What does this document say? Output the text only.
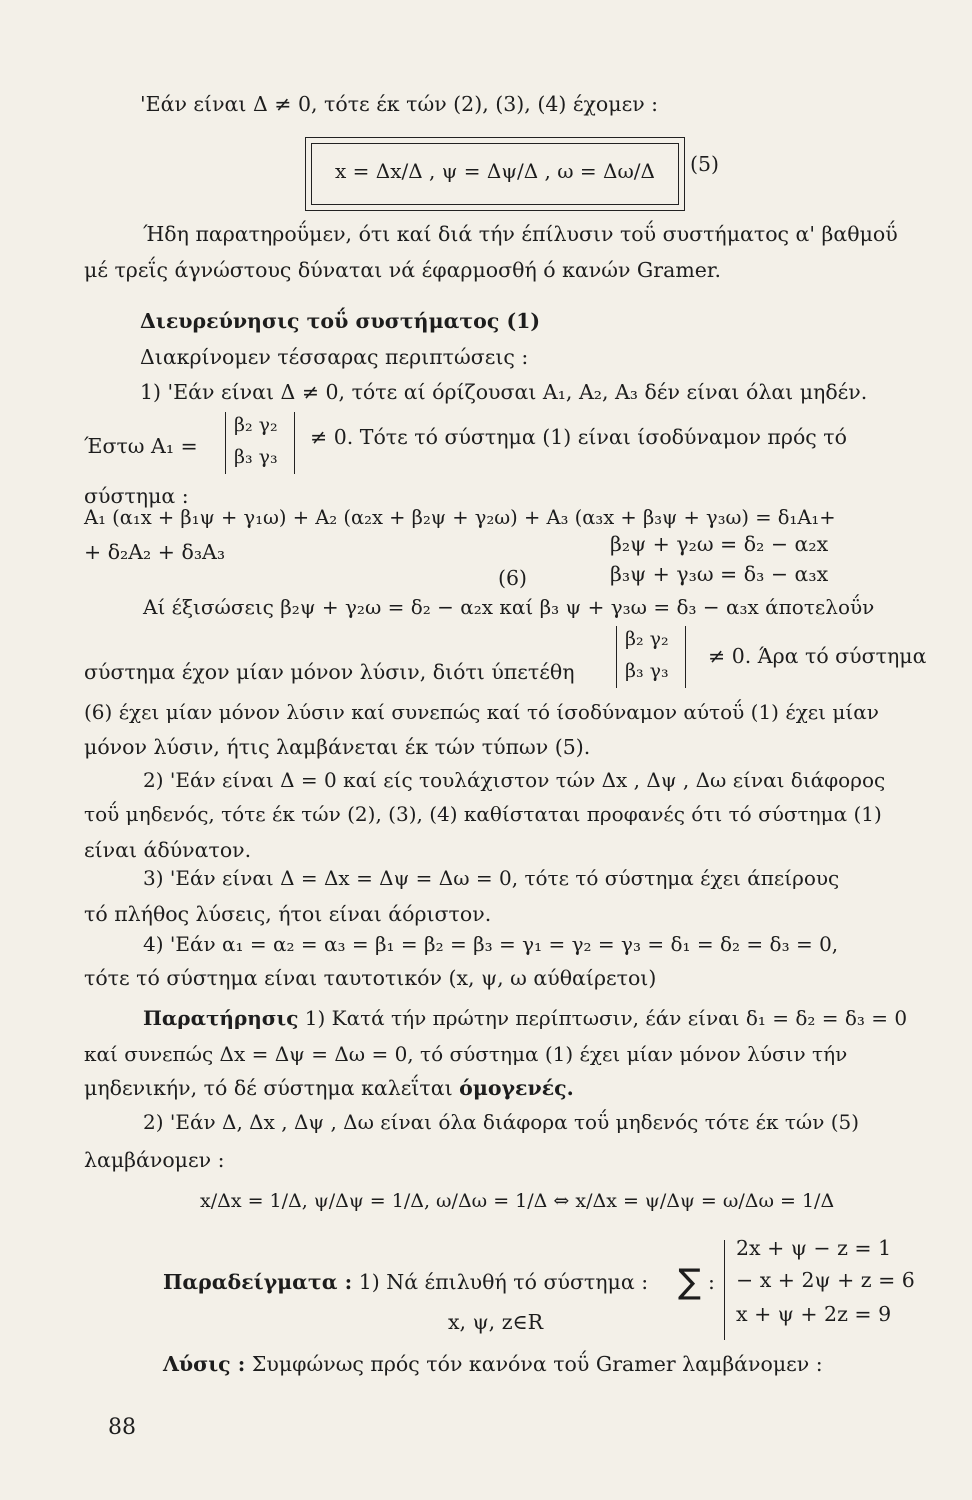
'Εάν είναι Δ ≠ 0, τότε έκ τών (2), (3), (4) έχομεν :
x = Δx/Δ , ψ = Δψ/Δ , ω = Δω/Δ (5)
Ήδη παρατηροΰμεν, ότι καί διά τήν έπίλυσιν τοΰ συστήματος α' βαθμοΰ
μέ τρεΐς άγνώστους δύναται νά έφαρμοσθή ό κανών Gramer.
Διευρεύνησις τοΰ συστήματος (1)
Διακρίνομεν τέσσαρας περιπτώσεις :
1) 'Εάν είναι Δ ≠ 0, τότε αί όρίζουσαι A₁, A₂, A₃ δέν είναι όλαι μηδέν.
Έστω A₁ =
β₂ γ₂
β₃ γ₃
≠ 0. Τότε τό σύστημα (1) είναι ίσοδύναμον πρός τό
σύστημα :
A₁ (α₁x + β₁ψ + γ₁ω) + A₂ (α₂x + β₂ψ + γ₂ω) + A₃ (α₃x + β₃ψ + γ₃ω) = δ₁A₁+
+ δ₂A₂ + δ₃A₃	β₂ψ + γ₂ω = δ₂ − α₂x
(6)	β₃ψ + γ₃ω = δ₃ − α₃x
Αί έξισώσεις β₂ψ + γ₂ω = δ₂ − α₂x καί β₃ ψ + γ₃ω = δ₃ − α₃x άποτελοΰν
σύστημα έχον μίαν μόνον λύσιν, διότι ύπετέθη
β₂ γ₂
β₃ γ₃
≠ 0. Άρα τό σύστημα
(6) έχει μίαν μόνον λύσιν καί συνεπώς καί τό ίσοδύναμον αύτοΰ (1) έχει μίαν
μόνον λύσιν, ήτις λαμβάνεται έκ τών τύπων (5).
2) 'Εάν είναι Δ = 0 καί είς τουλάχιστον τών Δx , Δψ , Δω είναι διάφορος
τοΰ μηδενός, τότε έκ τών (2), (3), (4) καθίσταται προφανές ότι τό σύστημα (1)
είναι άδύνατον.
3) 'Εάν είναι Δ = Δx = Δψ = Δω = 0, τότε τό σύστημα έχει άπείρους
τό πλήθος λύσεις, ήτοι είναι άόριστον.
4) 'Εάν α₁ = α₂ = α₃ = β₁ = β₂ = β₃ = γ₁ = γ₂ = γ₃ = δ₁ = δ₂ = δ₃ = 0,
τότε τό σύστημα είναι ταυτοτικόν (x, ψ, ω αύθαίρετοι)
Παρατήρησις 1) Κατά τήν πρώτην περίπτωσιν, έάν είναι δ₁ = δ₂ = δ₃ = 0
καί συνεπώς Δx = Δψ = Δω = 0, τό σύστημα (1) έχει μίαν μόνον λύσιν τήν
μηδενικήν, τό δέ σύστημα καλεΐται όμογενές.
2) 'Εάν Δ, Δx , Δψ , Δω είναι όλα διάφορα τοΰ μηδενός τότε έκ τών (5)
λαμβάνομεν :
x/Δx = 1/Δ, ψ/Δψ = 1/Δ, ω/Δω = 1/Δ ⇔ x/Δx = ψ/Δψ = ω/Δω = 1/Δ
Παραδείγματα : 1) Νά έπιλυθή τό σύστημα : ∑ :
2x + ψ − z = 1
− x + 2ψ + z = 6
x + ψ + 2z = 9
x, ψ, z∈R
Λύσις : Συμφώνως πρός τόν κανόνα τοΰ Gramer λαμβάνομεν :
88
